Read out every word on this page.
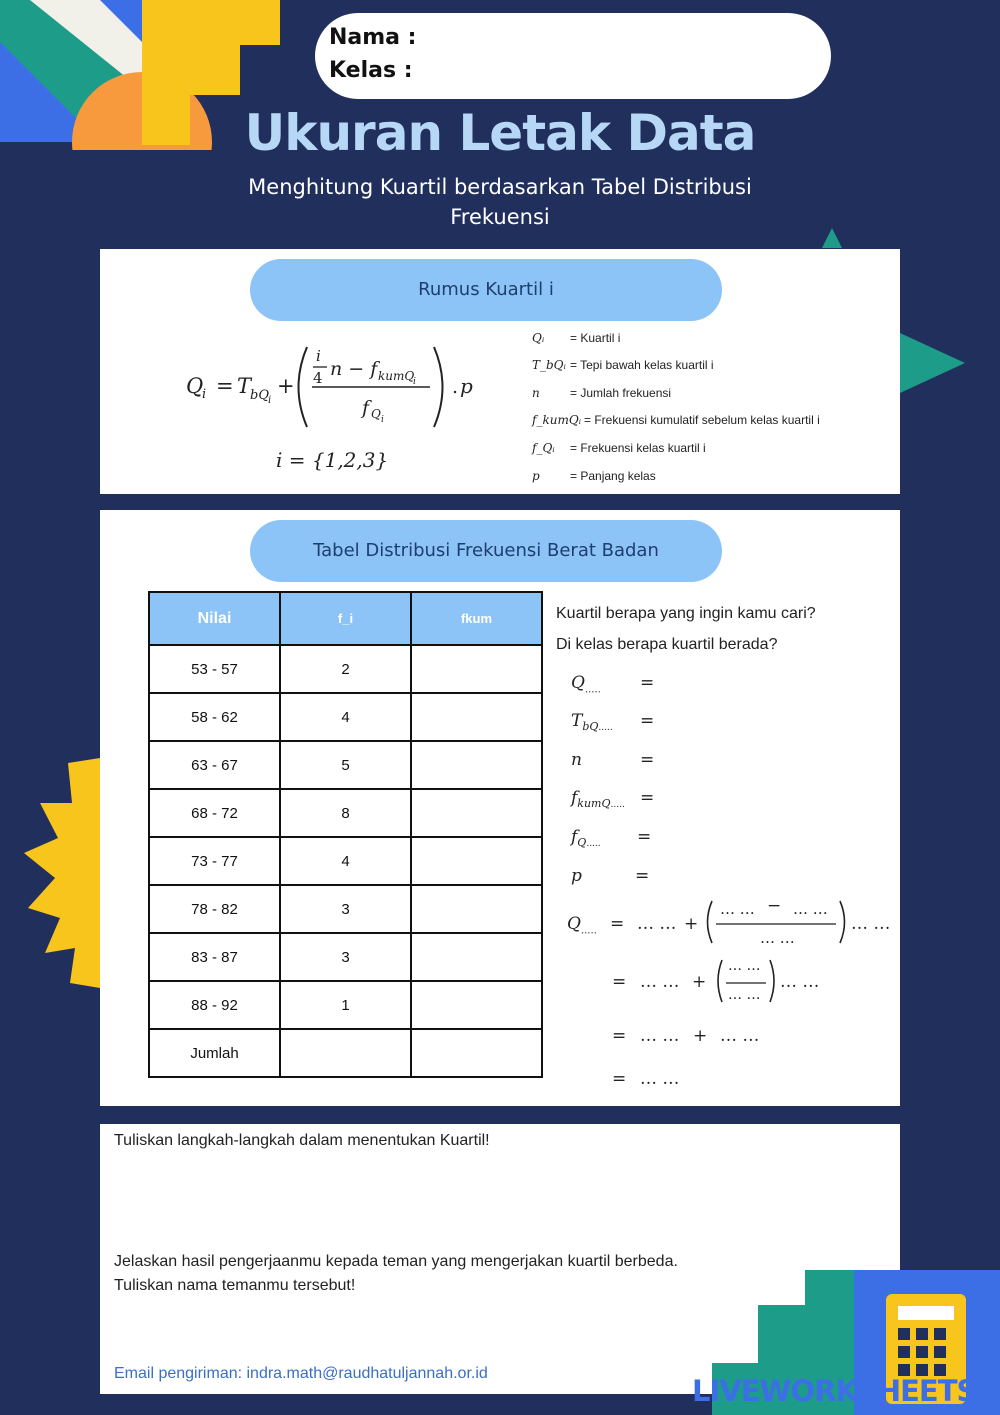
Nama :
Kelas :
Ukuran Letak Data
Menghitung Kuartil berdasarkan Tabel Distribusi
Frekuensi
Rumus Kuartil i
Q
i = T
bQ i
+
i
4 n − f kumQ
i
f Q i
. p
i = {1,2,3}
Qᵢ = Kuartil i
T_bQᵢ = Tepi bawah kelas kuartil i
n	= Jumlah frekuensi
f_kumQᵢ = Frekuensi kumulatif sebelum kelas kuartil i
f_Qᵢ = Frekuensi kelas kuartil i
p	= Panjang kelas
Tabel Distribusi Frekuensi Berat Badan
Nilai	f_i	fkum
53 - 57	2	
58 - 62	4	
63 - 67	5	
68 - 72	8	
73 - 77	4	
78 - 82	3	
83 - 87	3	
88 - 92	1	
Jumlah		
Kuartil berapa yang ingin kamu cari?
Di kelas berapa kuartil berada?
$Q_{.....}$ =
$T_{bQ.....}$ =
n	=
$f_{kumQ.....}$ =
$f_{Q.....}$ =
p	=
$Q_{.....}$ = … … +
… … − … …
… …
… …
= … … +
… …
… …
… …
= … … + … …
= … …
Tuliskan langkah-langkah dalam menentukan Kuartil!
Jelaskan hasil pengerjaanmu kepada teman yang mengerjakan kuartil berbeda.
Tuliskan nama temanmu tersebut!
Email pengiriman: indra.math@raudhatuljannah.or.id
LIVEWORKSHEETS
